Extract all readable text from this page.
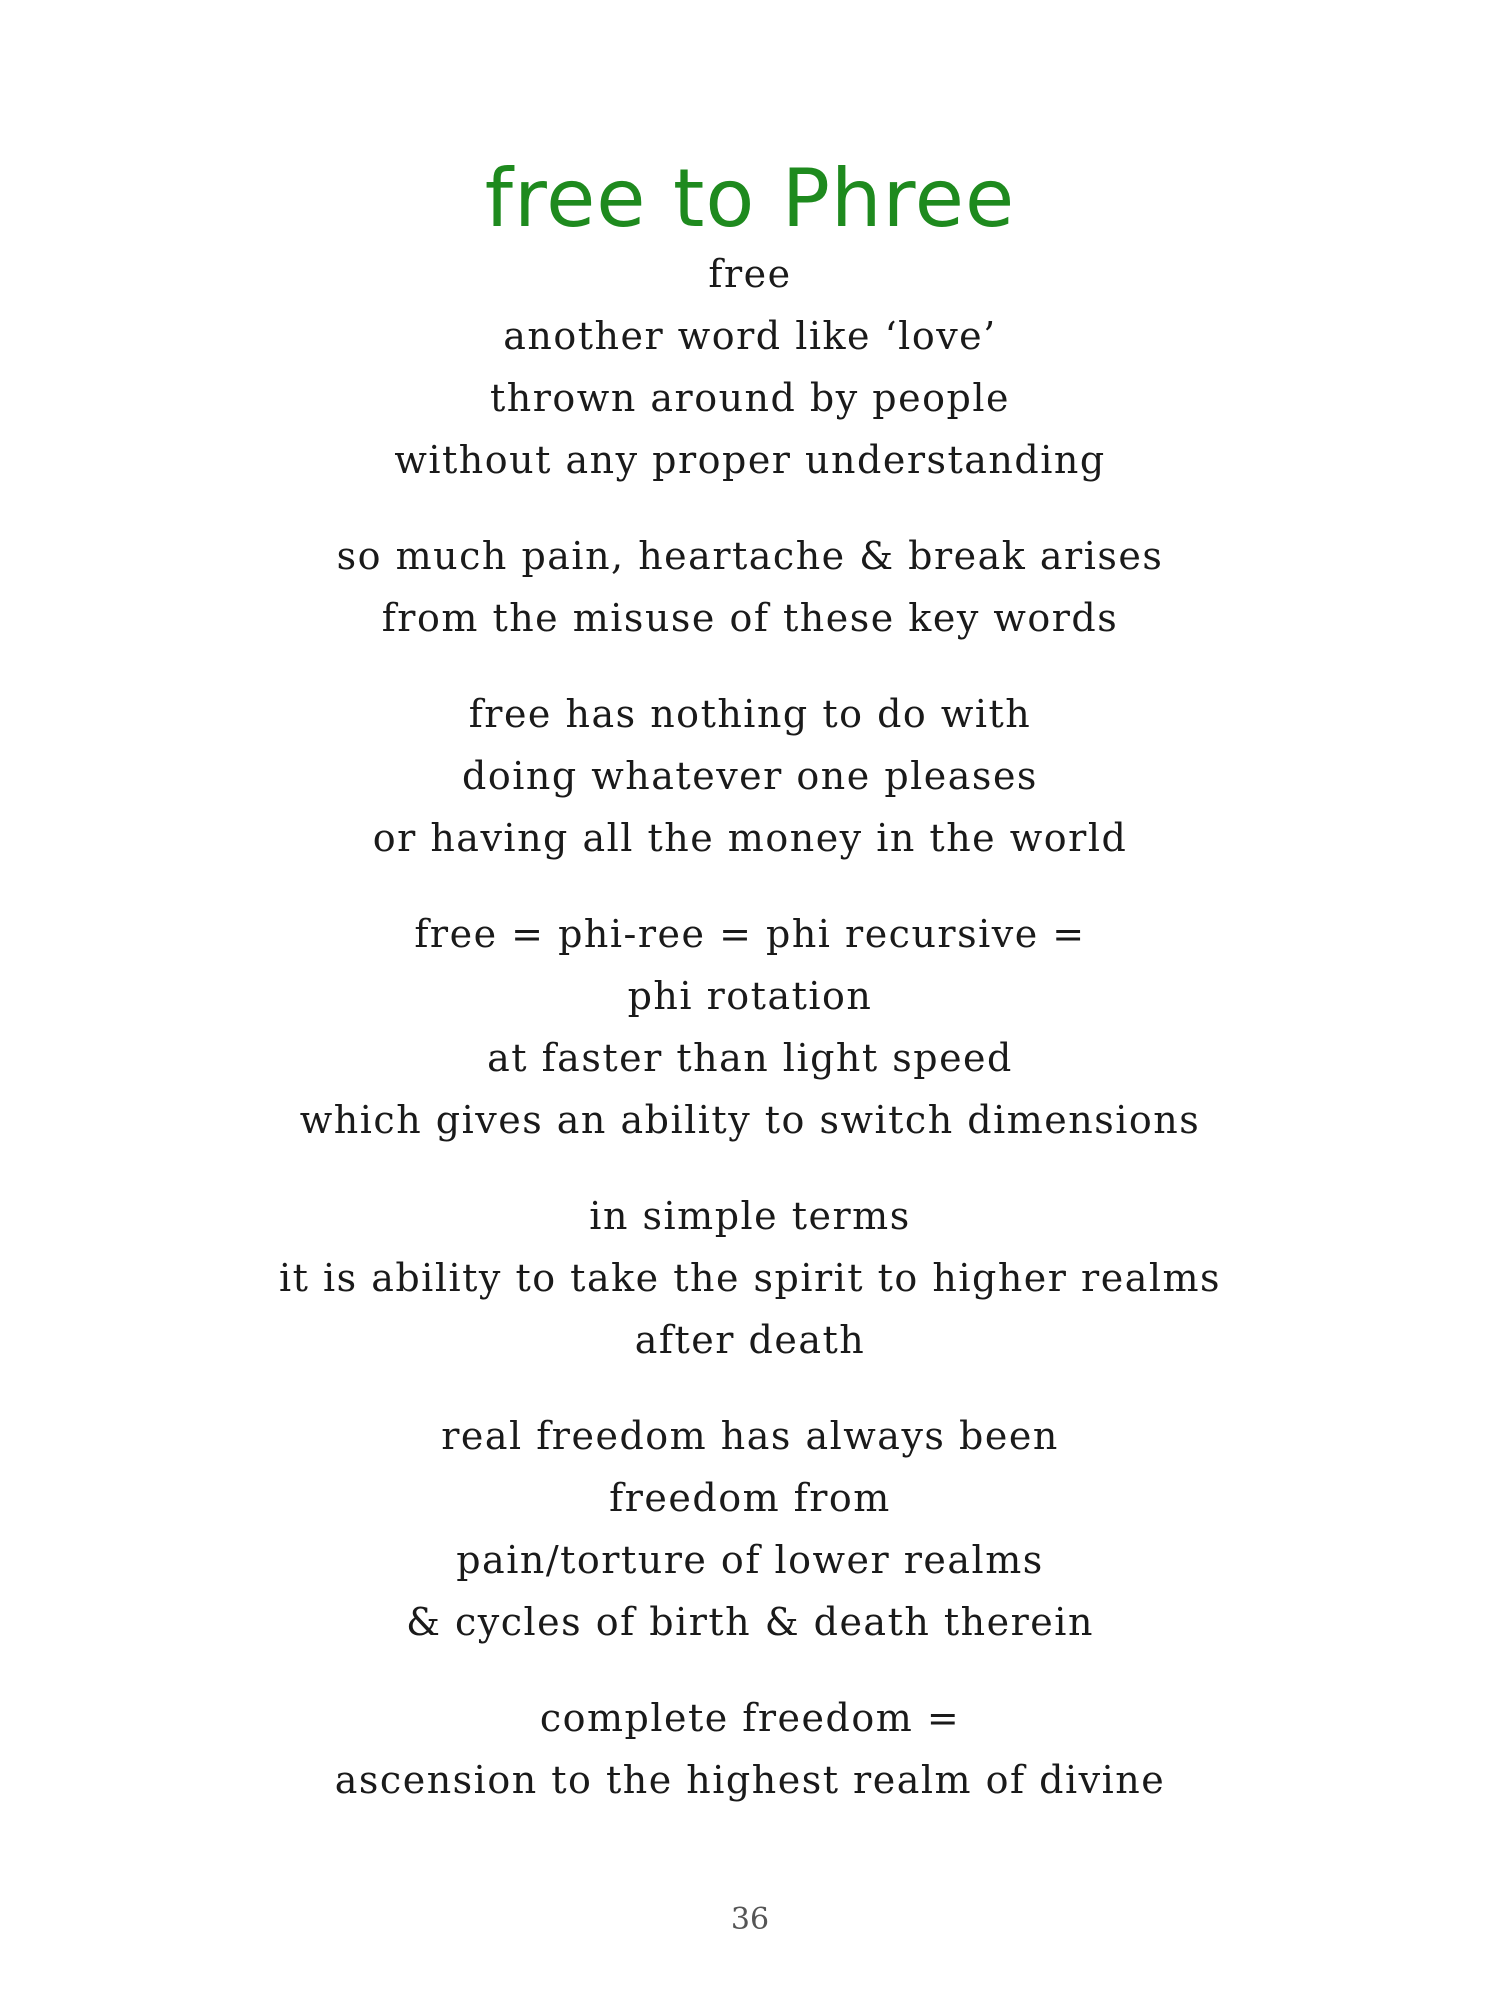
free to Phree
free
another word like ‘love’
thrown around by people
without any proper understanding
so much pain, heartache & break arises
from the misuse of these key words
free has nothing to do with
doing whatever one pleases
or having all the money in the world
free = phi-ree = phi recursive =
phi rotation
at faster than light speed
which gives an ability to switch dimensions
in simple terms
it is ability to take the spirit to higher realms
after death
real freedom has always been
freedom from
pain/torture of lower realms
& cycles of birth & death therein
complete freedom =
ascension to the highest realm of divine
36
